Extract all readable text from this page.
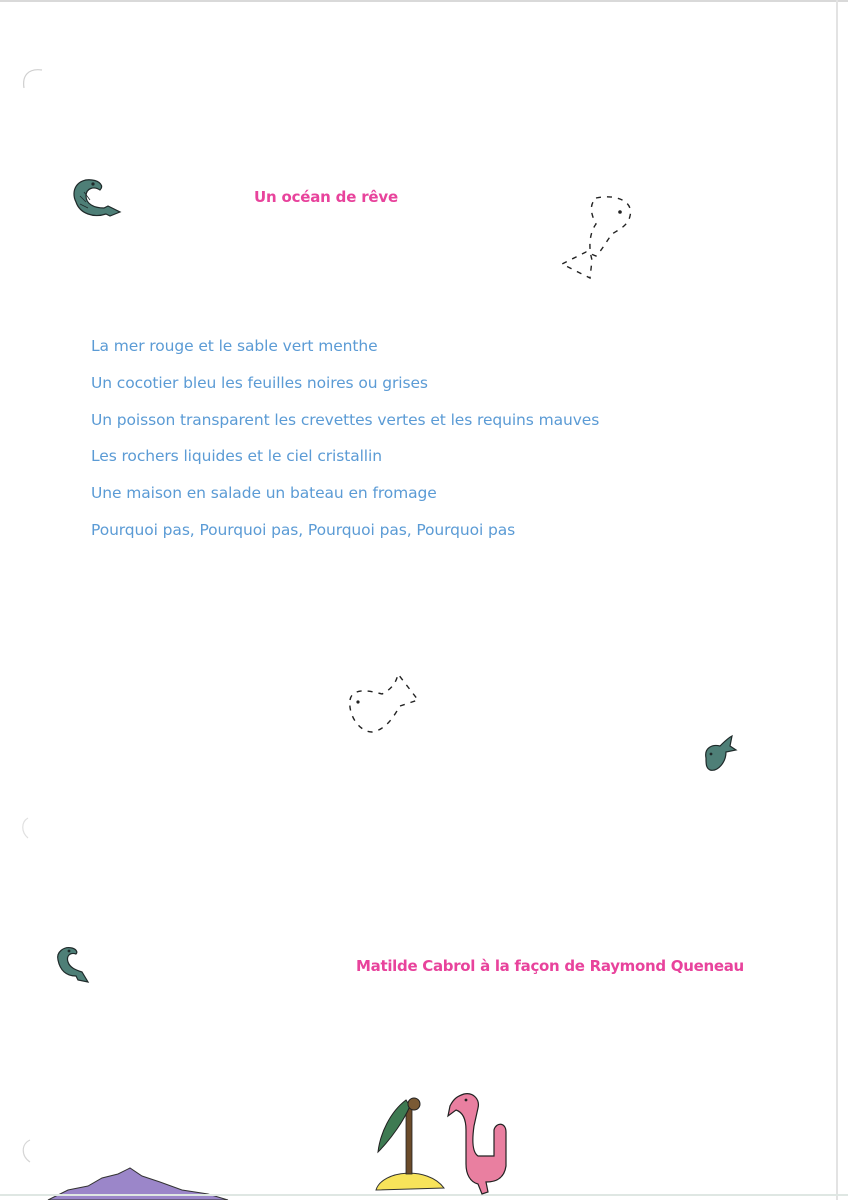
Un océan de rêve
La mer rouge et le sable vert menthe
Un cocotier bleu les feuilles noires ou grises
Un poisson transparent les crevettes vertes et les requins mauves
Les rochers liquides et le ciel cristallin
Une maison en salade un bateau en fromage
Pourquoi pas, Pourquoi pas, Pourquoi pas, Pourquoi pas
Matilde Cabrol à la façon de Raymond Queneau
